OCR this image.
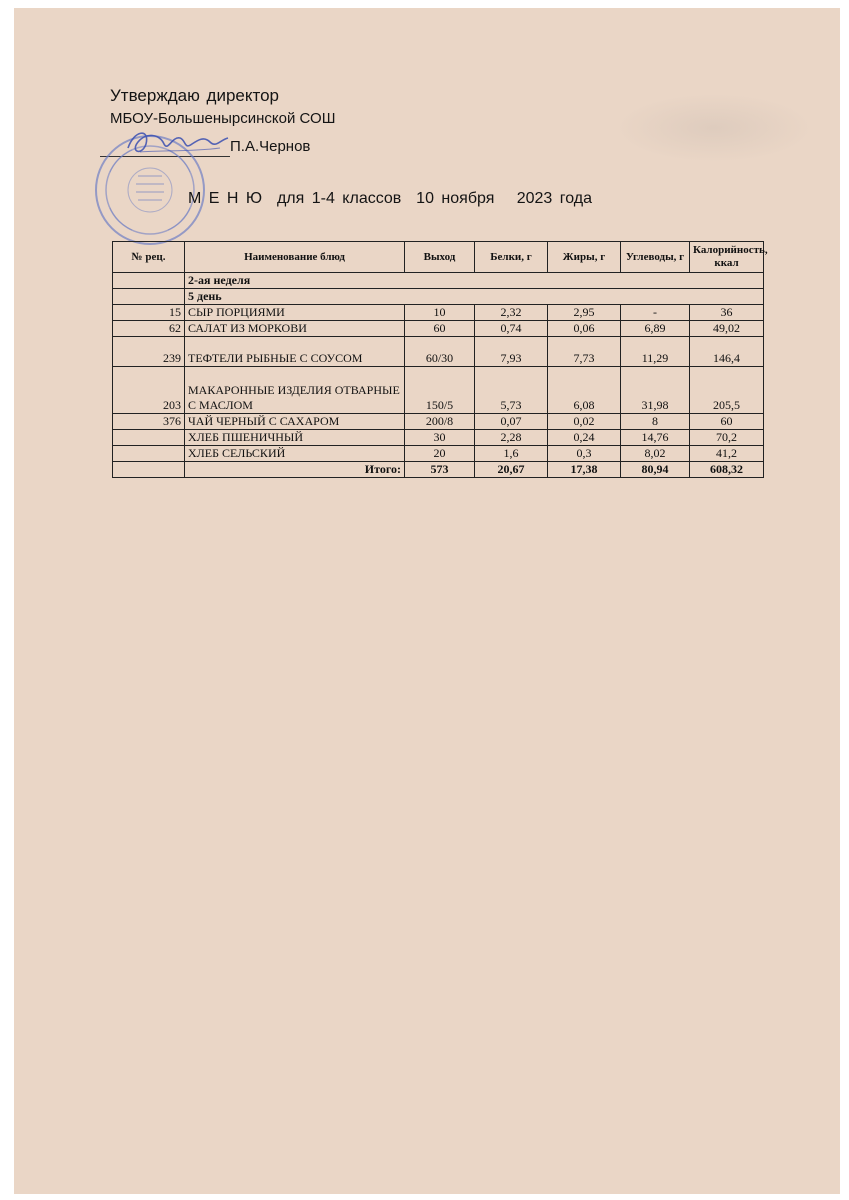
Утверждаю директор
МБОУ-Большенырсинской СОШ
П.А.Чернов
М Е Н Ю  для 1-4 классов  10 ноября   2023 года
№ рец.	Наименование блюд	Выход	Белки, г	Жиры, г	Углеводы, г	Калорийность, ккал
	2-ая неделя					
	5 день					
15	СЫР ПОРЦИЯМИ	10	2,32	2,95	-	36
62	САЛАТ ИЗ МОРКОВИ	60	0,74	0,06	6,89	49,02
239	ТЕФТЕЛИ РЫБНЫЕ С СОУСОМ	60/30	7,93	7,73	11,29	146,4
203	МАКАРОННЫЕ ИЗДЕЛИЯ ОТВАРНЫЕ С МАСЛОМ	150/5	5,73	6,08	31,98	205,5
376	ЧАЙ ЧЕРНЫЙ С САХАРОМ	200/8	0,07	0,02	8	60
	ХЛЕБ ПШЕНИЧНЫЙ	30	2,28	0,24	14,76	70,2
	ХЛЕБ СЕЛЬСКИЙ	20	1,6	0,3	8,02	41,2
	Итого:	573	20,67	17,38	80,94	608,32
